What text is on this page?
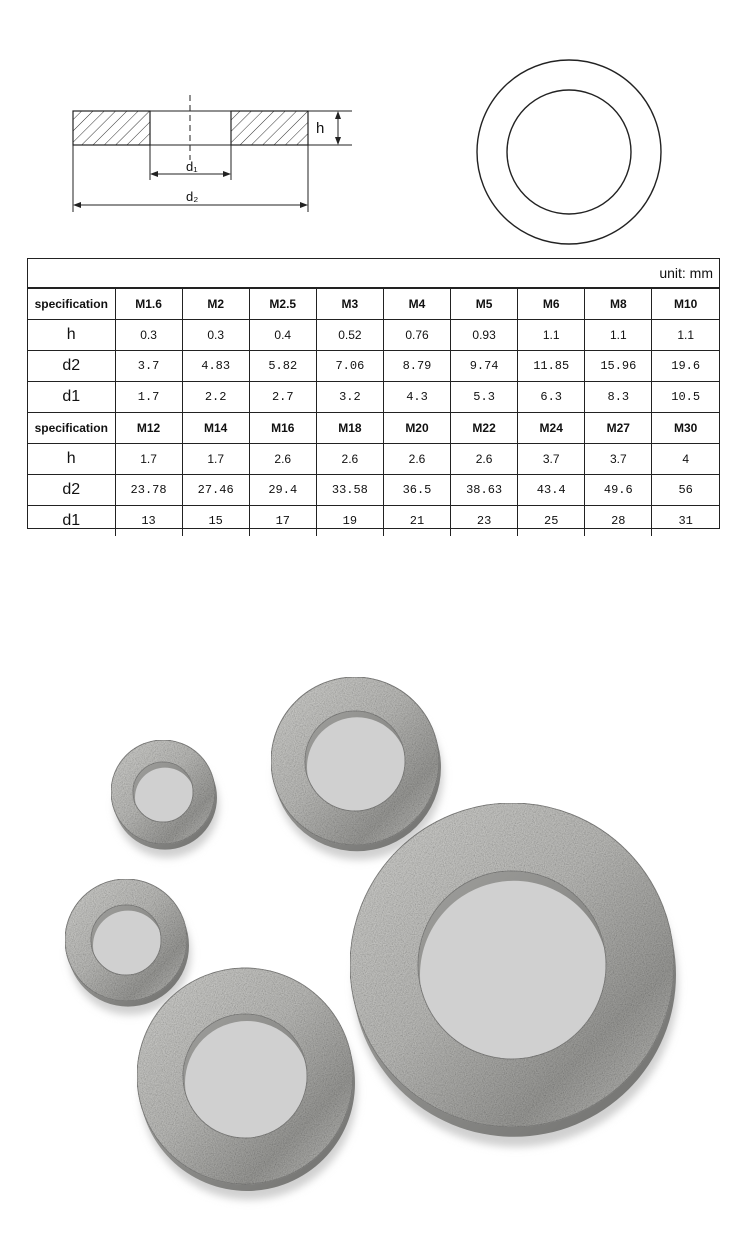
h
d₁
d₂
unit: mm
specification	M1.6	M2	M2.5	M3	M4	M5	M6	M8	M10
h	0.3	0.3	0.4	0.52	0.76	0.93	1.1	1.1	1.1
d2	3.7	4.83	5.82	7.06	8.79	9.74	11.85	15.96	19.6
d1	1.7	2.2	2.7	3.2	4.3	5.3	6.3	8.3	10.5
specification	M12	M14	M16	M18	M20	M22	M24	M27	M30
h	1.7	1.7	2.6	2.6	2.6	2.6	3.7	3.7	4
d2	23.78	27.46	29.4	33.58	36.5	38.63	43.4	49.6	56
d1	13	15	17	19	21	23	25	28	31
